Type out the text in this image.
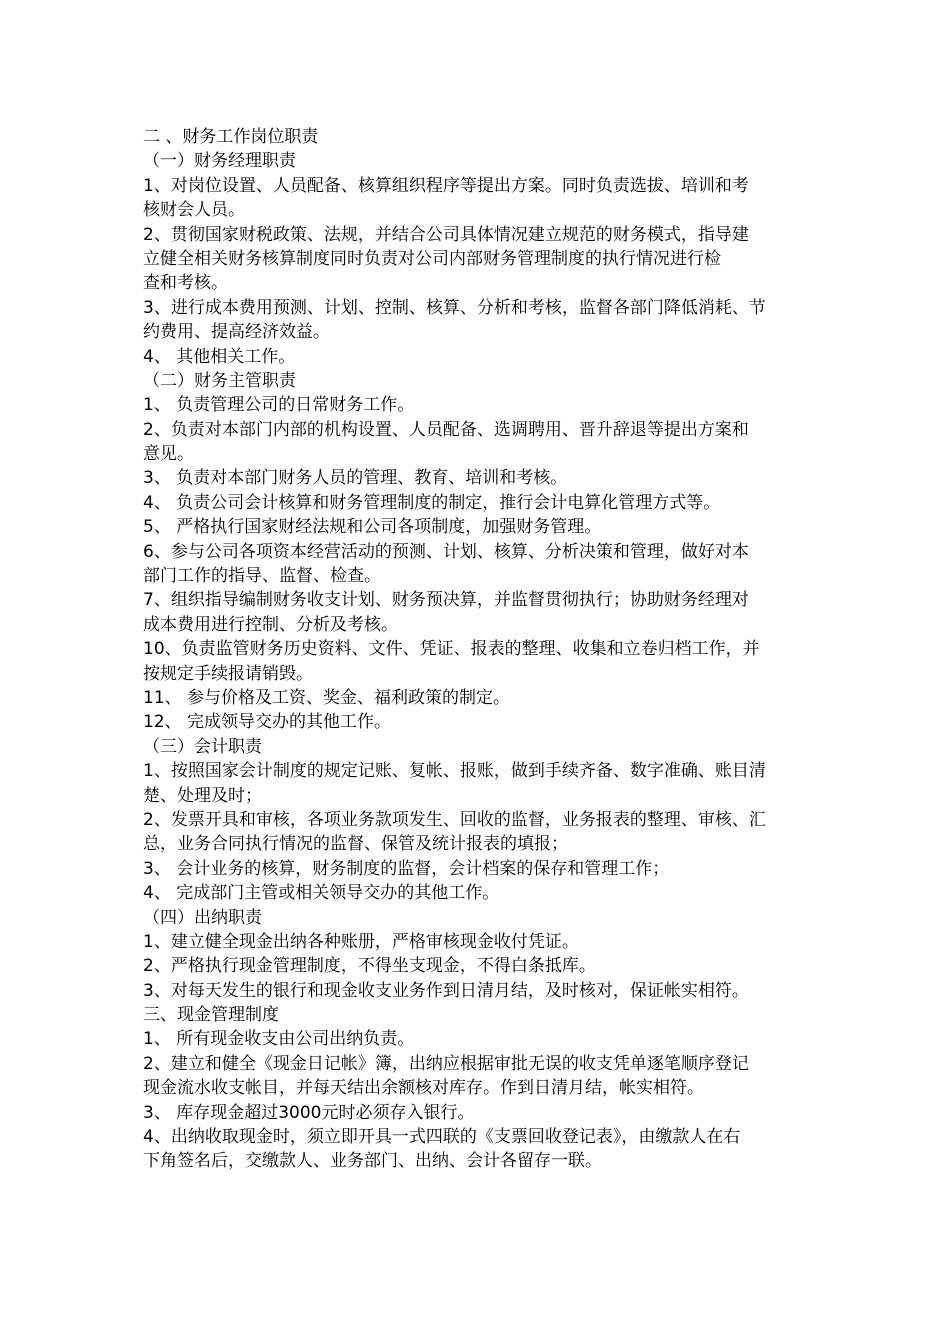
二 、财务工作岗位职责
（一）财务经理职责
1、对岗位设置、人员配备、核算组织程序等提出方案。同时负责选拔、培训和考
核财会人员。
2、贯彻国家财税政策、法规，并结合公司具体情况建立规范的财务模式，指导建
立健全相关财务核算制度同时负责对公司内部财务管理制度的执行情况进行检
查和考核。
3、进行成本费用预测、计划、控制、核算、分析和考核，监督各部门降低消耗、节
约费用、提高经济效益。
4、 其他相关工作。
（二）财务主管职责
1、 负责管理公司的日常财务工作。
2、负责对本部门内部的机构设置、人员配备、选调聘用、晋升辞退等提出方案和
意见。
3、 负责对本部门财务人员的管理、教育、培训和考核。
4、 负责公司会计核算和财务管理制度的制定，推行会计电算化管理方式等。
5、 严格执行国家财经法规和公司各项制度，加强财务管理。
6、参与公司各项资本经营活动的预测、计划、核算、分析决策和管理，做好对本
部门工作的指导、监督、检查。
7、组织指导编制财务收支计划、财务预决算，并监督贯彻执行；协助财务经理对
成本费用进行控制、分析及考核。
10、负责监管财务历史资料、文件、凭证、报表的整理、收集和立卷归档工作，并
按规定手续报请销毁。
11、 参与价格及工资、奖金、福利政策的制定。
12、 完成领导交办的其他工作。
（三）会计职责
1、按照国家会计制度的规定记账、复帐、报账，做到手续齐备、数字准确、账目清
楚、处理及时；
2、发票开具和审核，各项业务款项发生、回收的监督，业务报表的整理、审核、汇
总，业务合同执行情况的监督、保管及统计报表的填报；
3、 会计业务的核算，财务制度的监督，会计档案的保存和管理工作；
4、 完成部门主管或相关领导交办的其他工作。
（四）出纳职责
1、建立健全现金出纳各种账册，严格审核现金收付凭证。
2、严格执行现金管理制度，不得坐支现金，不得白条抵库。
3、对每天发生的银行和现金收支业务作到日清月结，及时核对，保证帐实相符。
三、现金管理制度
1、 所有现金收支由公司出纳负责。
2、建立和健全《现金日记帐》簿，出纳应根据审批无误的收支凭单逐笔顺序登记
现金流水收支帐目，并每天结出余额核对库存。作到日清月结，帐实相符。
3、 库存现金超过3000元时必须存入银行。
4、出纳收取现金时，须立即开具一式四联的《支票回收登记表》，由缴款人在右
下角签名后，交缴款人、业务部门、出纳、会计各留存一联。
